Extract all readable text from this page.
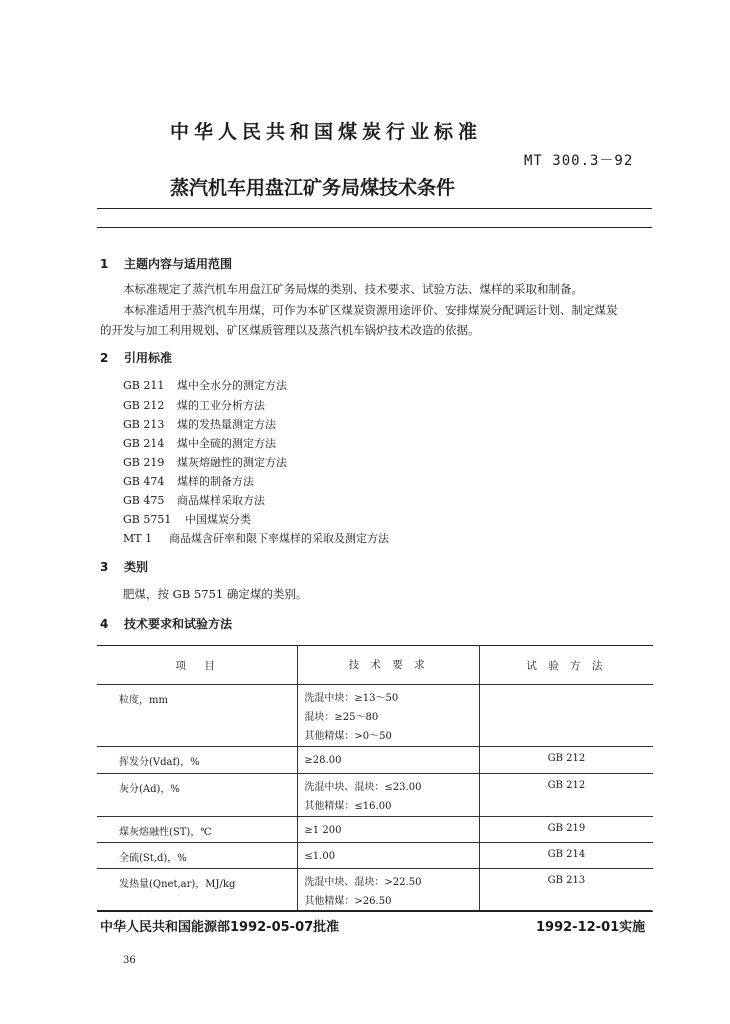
中华人民共和国煤炭行业标准
MT 300.3－92
蒸汽机车用盘江矿务局煤技术条件
1 主题内容与适用范围
本标准规定了蒸汽机车用盘江矿务局煤的类别、技术要求、试验方法、煤样的采取和制备。
本标准适用于蒸汽机车用煤，可作为本矿区煤炭资源用途评价、安排煤炭分配调运计划、制定煤炭
的开发与加工利用规划、矿区煤质管理以及蒸汽机车锅炉技术改造的依据。
2 引用标准
GB 211 煤中全水分的测定方法
GB 212 煤的工业分析方法
GB 213 煤的发热量测定方法
GB 214 煤中全硫的测定方法
GB 219 煤灰熔融性的测定方法
GB 474 煤样的制备方法
GB 475 商品煤样采取方法
GB 5751 中国煤炭分类
MT 1 商品煤含矸率和限下率煤样的采取及测定方法
3 类别
肥煤，按 GB 5751 确定煤的类别。
4 技术要求和试验方法
项　目	技 术 要 求	试 验 方 法
粒度，mm	洗混中块：≥13～50
混块：≥25～80
其他精煤：>0～50	

挥发分(Vdaf)，%	≥28.00	GB 212
灰分(Ad)，%	洗混中块、混块：≤23.00
其他精煤：≤16.00	GB 212
煤灰熔融性(ST)，℃	≥1 200	GB 219
全硫(St,d)，%	≤1.00	GB 214
发热量(Qnet,ar)，MJ/kg	洗混中块、混块：>22.50
其他精煤：>26.50	GB 213
中华人民共和国能源部1992-05-07批准	1992-12-01实施
36
